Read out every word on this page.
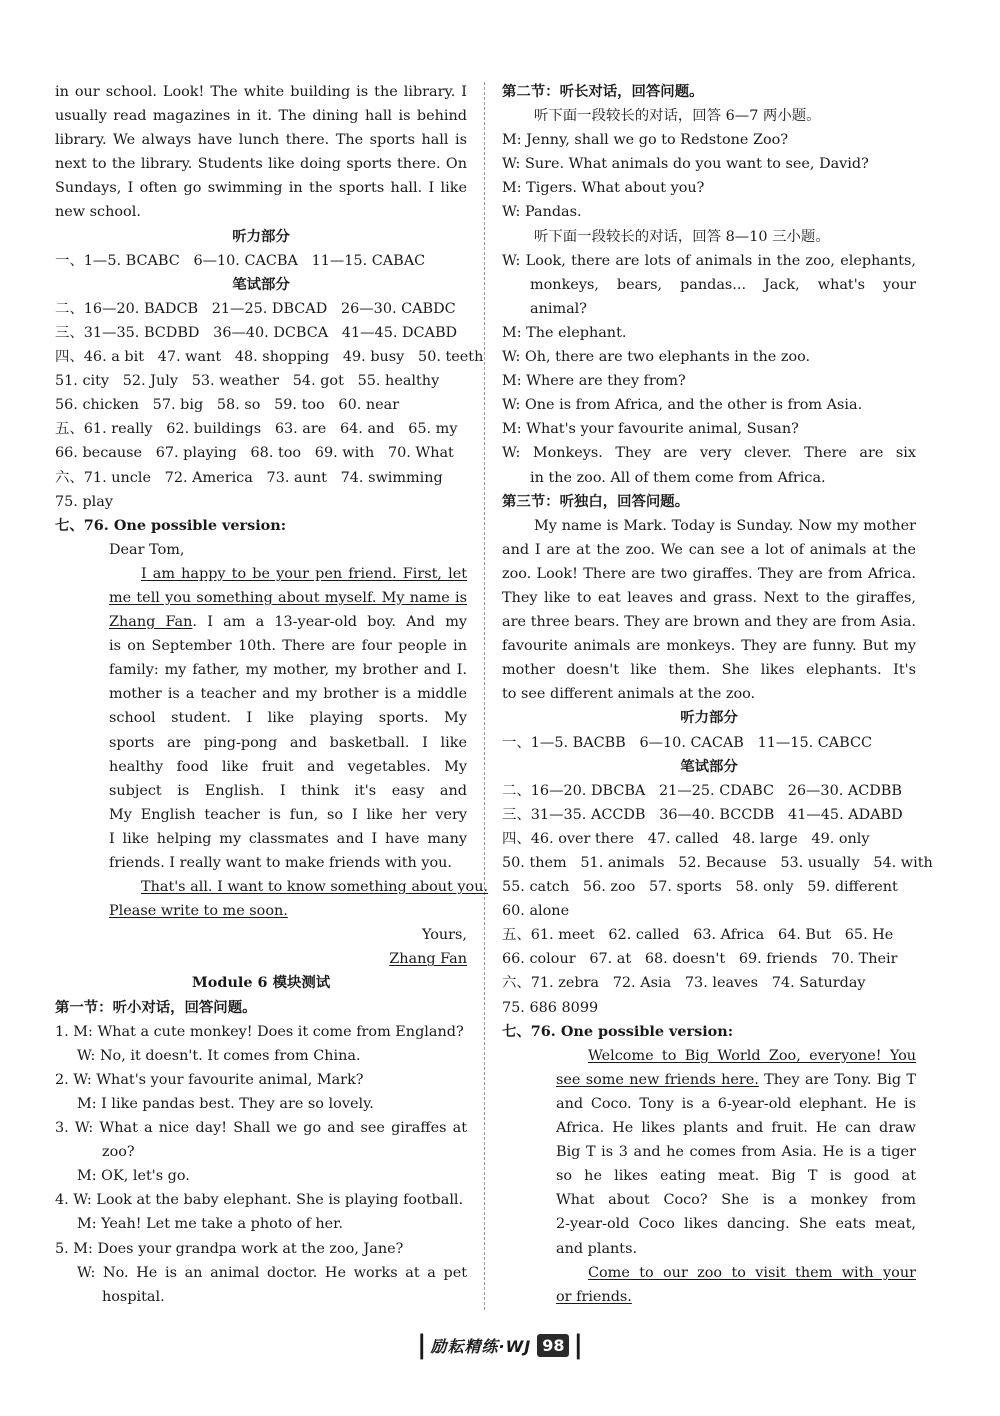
in our school. Look! The white building is the library. I
usually read magazines in it. The dining hall is behind
library. We always have lunch there. The sports hall is
next to the library. Students like doing sports there. On
Sundays, I often go swimming in the sports hall. I like
new school.
听力部分
一、1—5. BCABC   6—10. CACBA   11—15. CABAC
笔试部分
二、16—20. BADCB   21—25. DBCAD   26—30. CABDC
三、31—35. BCDBD   36—40. DCBCA   41—45. DCABD
四、46. a bit   47. want   48. shopping   49. busy   50. teeth
51. city   52. July   53. weather   54. got   55. healthy
56. chicken   57. big   58. so   59. too   60. near
五、61. really   62. buildings   63. are   64. and   65. my
66. because   67. playing   68. too   69. with   70. What
六、71. uncle   72. America   73. aunt   74. swimming
75. play
七、76. One possible version:
Dear Tom,
I am happy to be your pen friend. First, let
me tell you something about myself. My name is
Zhang Fan. I am a 13-year-old boy. And my
is on September 10th. There are four people in
family: my father, my mother, my brother and I.
mother is a teacher and my brother is a middle
school student. I like playing sports. My
sports are ping-pong and basketball. I like
healthy food like fruit and vegetables. My
subject is English. I think it's easy and
My English teacher is fun, so I like her very
I like helping my classmates and I have many
friends. I really want to make friends with you.
That's all. I want to know something about you.
Please write to me soon.
Yours,
Zhang Fan
Module 6 模块测试
第一节：听小对话，回答问题。
1. M: What a cute monkey! Does it come from England?
W: No, it doesn't. It comes from China.
2. W: What's your favourite animal, Mark?
M: I like pandas best. They are so lovely.
3. W: What a nice day! Shall we go and see giraffes at
zoo?
M: OK, let's go.
4. W: Look at the baby elephant. She is playing football.
M: Yeah! Let me take a photo of her.
5. M: Does your grandpa work at the zoo, Jane?
W: No. He is an animal doctor. He works at a pet
hospital.
第二节：听长对话，回答问题。
听下面一段较长的对话，回答 6—7 两小题。
M: Jenny, shall we go to Redstone Zoo?
W: Sure. What animals do you want to see, David?
M: Tigers. What about you?
W: Pandas.
听下面一段较长的对话，回答 8—10 三小题。
W: Look, there are lots of animals in the zoo, elephants,
monkeys, bears, pandas... Jack, what's your
animal?
M: The elephant.
W: Oh, there are two elephants in the zoo.
M: Where are they from?
W: One is from Africa, and the other is from Asia.
M: What's your favourite animal, Susan?
W: Monkeys. They are very clever. There are six
in the zoo. All of them come from Africa.
第三节：听独白，回答问题。
My name is Mark. Today is Sunday. Now my mother
and I are at the zoo. We can see a lot of animals at the
zoo. Look! There are two giraffes. They are from Africa.
They like to eat leaves and grass. Next to the giraffes,
are three bears. They are brown and they are from Asia.
favourite animals are monkeys. They are funny. But my
mother doesn't like them. She likes elephants. It's
to see different animals at the zoo.
听力部分
一、1—5. BACBB   6—10. CACAB   11—15. CABCC
笔试部分
二、16—20. DBCBA   21—25. CDABC   26—30. ACDBB
三、31—35. ACCDB   36—40. BCCDB   41—45. ADABD
四、46. over there   47. called   48. large   49. only
50. them   51. animals   52. Because   53. usually   54. with
55. catch   56. zoo   57. sports   58. only   59. different
60. alone
五、61. meet   62. called   63. Africa   64. But   65. He
66. colour   67. at   68. doesn't   69. friends   70. Their
六、71. zebra   72. Asia   73. leaves   74. Saturday
75. 686 8099
七、76. One possible version:
Welcome to Big World Zoo, everyone! You
see some new friends here. They are Tony. Big T
and Coco. Tony is a 6-year-old elephant. He is
Africa. He likes plants and fruit. He can draw
Big T is 3 and he comes from Asia. He is a tiger
so he likes eating meat. Big T is good at
What about Coco? She is a monkey from
2-year-old Coco likes dancing. She eats meat,
and plants.
Come to our zoo to visit them with your
or friends.
| 励耘精练·WJ 98 |
